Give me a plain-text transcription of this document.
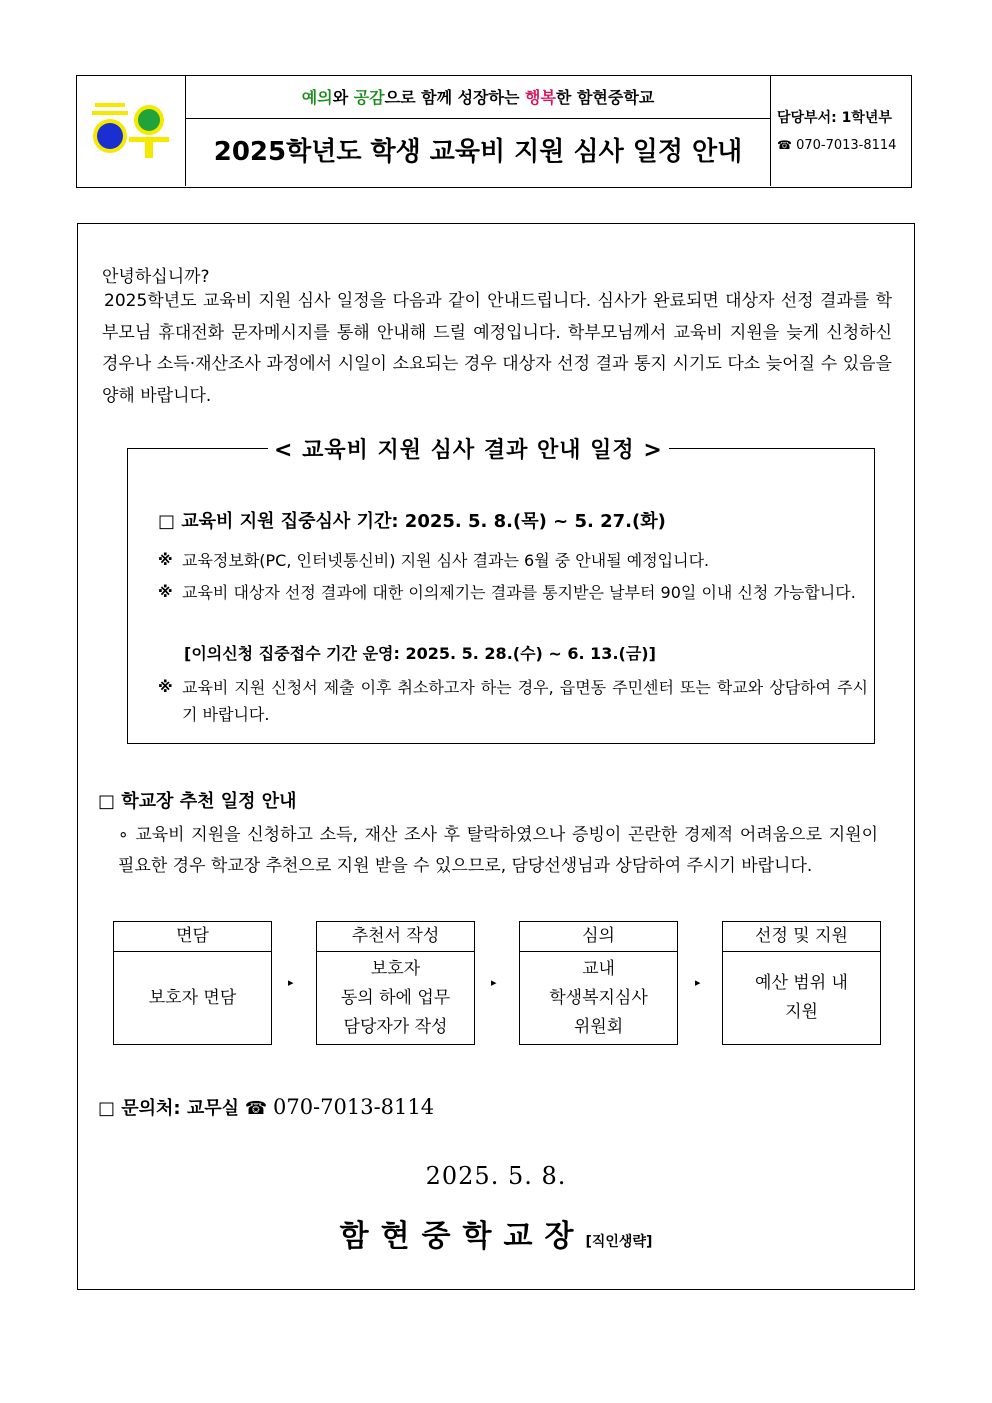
예의와 공감으로 함께 성장하는 행복한 함현중학교
2025학년도 학생 교육비 지원 심사 일정 안내
담당부서: 1학년부
☎ 070-7013-8114
안녕하십니까?
2025학년도 교육비 지원 심사 일정을 다음과 같이 안내드립니다. 심사가 완료되면 대상자 선정 결과를 학부모님 휴대전화 문자메시지를 통해 안내해 드릴 예정입니다. 학부모님께서 교육비 지원을 늦게 신청하신 경우나 소득·재산조사 과정에서 시일이 소요되는 경우 대상자 선정 결과 통지 시기도 다소 늦어질 수 있음을 양해 바랍니다.
< 교육비 지원 심사 결과 안내 일정 >
□ 교육비 지원 집중심사 기간: 2025. 5. 8.(목) ~ 5. 27.(화)
※ 교육정보화(PC, 인터넷통신비) 지원 심사 결과는 6월 중 안내될 예정입니다.
※ 교육비 대상자 선정 결과에 대한 이의제기는 결과를 통지받은 날부터 90일 이내 신청 가능합니다.
[이의신청 집중접수 기간 운영: 2025. 5. 28.(수) ~ 6. 13.(금)]
※ 교육비 지원 신청서 제출 이후 취소하고자 하는 경우, 읍면동 주민센터 또는 학교와 상담하여 주시기 바랍니다.
□ 학교장 추천 일정 안내
∘ 교육비 지원을 신청하고 소득, 재산 조사 후 탈락하였으나 증빙이 곤란한 경제적 어려움으로 지원이 필요한 경우 학교장 추천으로 지원 받을 수 있으므로, 담당선생님과 상담하여 주시기 바랍니다.
면담
보호자 면담
▸
추천서 작성
보호자
동의 하에 업무
담당자가 작성
▸
심의
교내
학생복지심사
위원회
▸
선정 및 지원
예산 범위 내
지원
□ 문의처: 교무실 ☎ 070-7013-8114
2025. 5. 8.
함현중학교장[직인생략]
